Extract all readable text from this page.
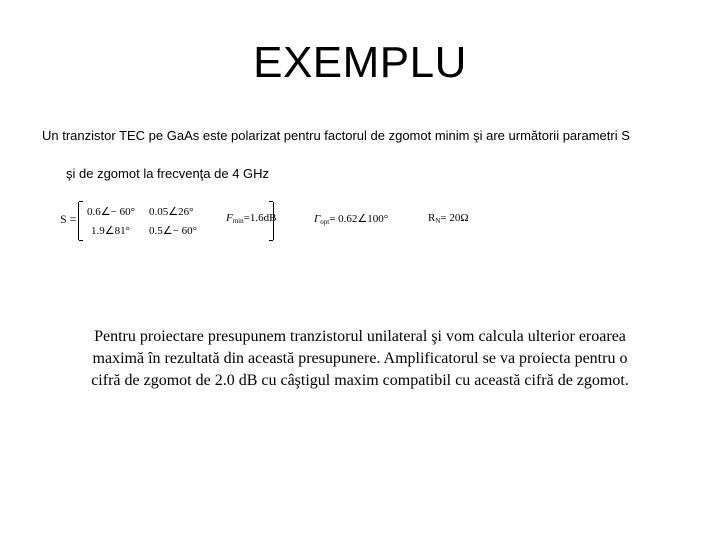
EXEMPLU
Un tranzistor TEC pe GaAs este polarizat pentru factorul de zgomot minim şi are următorii parametri S
şi de zgomot la frecvenţa de 4 GHz
S = 0.6∠− 60° 0.05∠26°
1.9∠81° 0.5∠− 60°
$F_{min}=1.6dB$	$\Gamma_{opt}=$ 0.62∠100°	$R_N= 20\Omega$
Pentru proiectare presupunem tranzistorul unilateral şi vom calcula ulterior eroarea
maximă în rezultată din această presupunere. Amplificatorul se va proiecta pentru o
cifră de zgomot de 2.0 dB cu câştigul maxim compatibil cu această cifră de zgomot.
